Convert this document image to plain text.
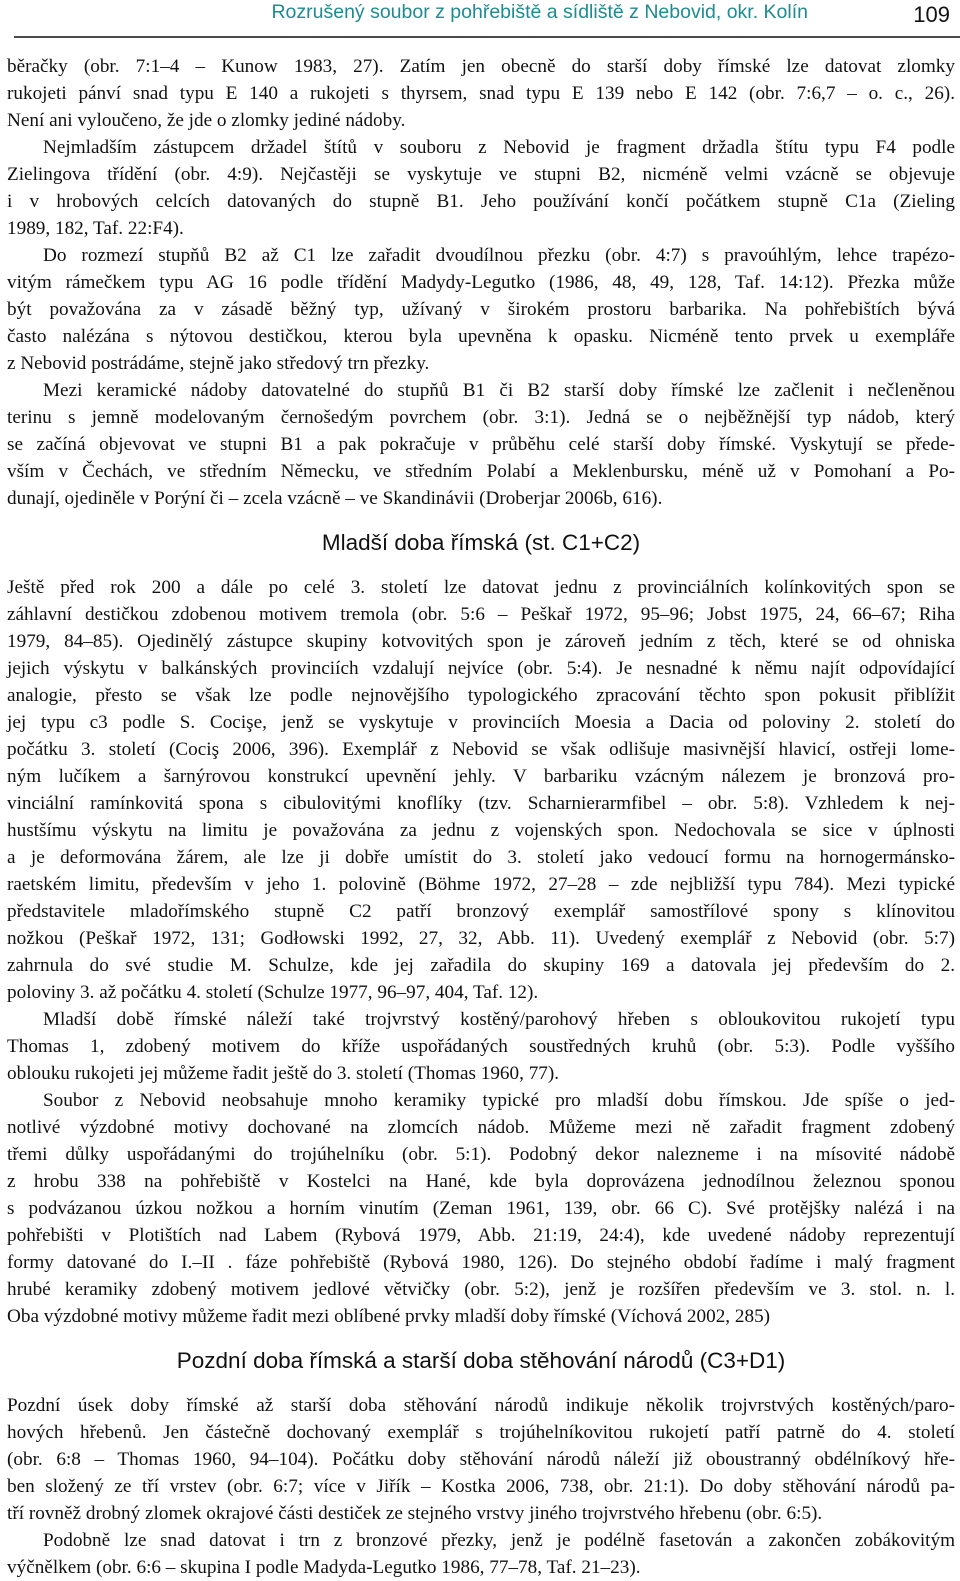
Rozrušený soubor z pohřebiště a sídliště z Nebovid, okr. Kolín	109
běračky (obr. 7:1–4 – Kunow 1983, 27). Zatím jen obecně do starší doby římské lze datovat zlomky
rukojeti pánví snad typu E 140 a rukojeti s thyrsem, snad typu E 139 nebo E 142 (obr. 7:6,7 – o. c., 26).
Není ani vyloučeno, že jde o zlomky jediné nádoby.
Nejmladším zástupcem držadel štítů v souboru z Nebovid je fragment držadla štítu typu F4 podle
Zielingova třídění (obr. 4:9). Nejčastěji se vyskytuje ve stupni B2, nicméně velmi vzácně se objevuje
i v hrobových celcích datovaných do stupně B1. Jeho používání končí počátkem stupně C1a (Zieling
1989, 182, Taf. 22:F4).
Do rozmezí stupňů B2 až C1 lze zařadit dvoudílnou přezku (obr. 4:7) s pravoúhlým, lehce trapézo-
vitým rámečkem typu AG 16 podle třídění Madydy-Legutko (1986, 48, 49, 128, Taf. 14:12). Přezka může
být považována za v zásadě běžný typ, užívaný v širokém prostoru barbarika. Na pohřebištích bývá
často nalézána s nýtovou destičkou, kterou byla upevněna k opasku. Nicméně tento prvek u exempláře
z Nebovid postrádáme, stejně jako středový trn přezky.
Mezi keramické nádoby datovatelné do stupňů B1 či B2 starší doby římské lze začlenit i nečleněnou
terinu s jemně modelovaným černošedým povrchem (obr. 3:1). Jedná se o nejběžnější typ nádob, který
se začíná objevovat ve stupni B1 a pak pokračuje v průběhu celé starší doby římské. Vyskytují se přede-
vším v Čechách, ve středním Německu, ve středním Polabí a Meklenbursku, méně už v Pomohaní a Po-
dunají, ojediněle v Porýní či – zcela vzácně – ve Skandinávii (Droberjar 2006b, 616).
Mladší doba římská (st. C1+C2)
Ještě před rok 200 a dále po celé 3. století lze datovat jednu z provinciálních kolínkovitých spon se
záhlavní destičkou zdobenou motivem tremola (obr. 5:6 – Peškař 1972, 95–96; Jobst 1975, 24, 66–67; Riha
1979, 84–85). Ojedinělý zástupce skupiny kotvovitých spon je zároveň jedním z těch, které se od ohniska
jejich výskytu v balkánských provinciích vzdalují nejvíce (obr. 5:4). Je nesnadné k němu najít odpovídající
analogie, přesto se však lze podle nejnovějšího typologického zpracování těchto spon pokusit přiblížit
jej typu c3 podle S. Cocişe, jenž se vyskytuje v provinciích Moesia a Dacia od poloviny 2. století do
počátku 3. století (Cociş 2006, 396). Exemplář z Nebovid se však odlišuje masivnější hlavicí, ostřeji lome-
ným lučíkem a šarnýrovou konstrukcí upevnění jehly. V barbariku vzácným nálezem je bronzová pro-
vinciální ramínkovitá spona s cibulovitými knoflíky (tzv. Scharnierarmfibel – obr. 5:8). Vzhledem k nej-
hustšímu výskytu na limitu je považována za jednu z vojenských spon. Nedochovala se sice v úplnosti
a je deformována žárem, ale lze ji dobře umístit do 3. století jako vedoucí formu na hornogermánsko-
raetském limitu, především v jeho 1. polovině (Böhme 1972, 27–28 – zde nejbližší typu 784). Mezi typické
představitele mladořímského stupně C2 patří bronzový exemplář samostřílové spony s klínovitou
nožkou (Peškař 1972, 131; Godłowski 1992, 27, 32, Abb. 11). Uvedený exemplář z Nebovid (obr. 5:7)
zahrnula do své studie M. Schulze, kde jej zařadila do skupiny 169 a datovala jej především do 2.
poloviny 3. až počátku 4. století (Schulze 1977, 96–97, 404, Taf. 12).
Mladší době římské náleží také trojvrstvý kostěný/parohový hřeben s obloukovitou rukojetí typu
Thomas 1, zdobený motivem do kříže uspořádaných soustředných kruhů (obr. 5:3). Podle vyššího
oblouku rukojeti jej můžeme řadit ještě do 3. století (Thomas 1960, 77).
Soubor z Nebovid neobsahuje mnoho keramiky typické pro mladší dobu římskou. Jde spíše o jed-
notlivé výzdobné motivy dochované na zlomcích nádob. Můžeme mezi ně zařadit fragment zdobený
třemi důlky uspořádanými do trojúhelníku (obr. 5:1). Podobný dekor nalezneme i na mísovité nádobě
z hrobu 338 na pohřebiště v Kostelci na Hané, kde byla doprovázena jednodílnou železnou sponou
s podvázanou úzkou nožkou a horním vinutím (Zeman 1961, 139, obr. 66 C). Své protějšky nalézá i na
pohřebišti v Plotištích nad Labem (Rybová 1979, Abb. 21:19, 24:4), kde uvedené nádoby reprezentují
formy datované do I.–II . fáze pohřebiště (Rybová 1980, 126). Do stejného období řadíme i malý fragment
hrubé keramiky zdobený motivem jedlové větvičky (obr. 5:2), jenž je rozšířen především ve 3. stol. n. l.
Oba výzdobné motivy můžeme řadit mezi oblíbené prvky mladší doby římské (Víchová 2002, 285)
Pozdní doba římská a starší doba stěhování národů (C3+D1)
Pozdní úsek doby římské až starší doba stěhování národů indikuje několik trojvrstvých kostěných/paro-
hových hřebenů. Jen částečně dochovaný exemplář s trojúhelníkovitou rukojetí patří patrně do 4. století
(obr. 6:8 – Thomas 1960, 94–104). Počátku doby stěhování národů náleží již oboustranný obdélníkový hře-
ben složený ze tří vrstev (obr. 6:7; více v Jiřík – Kostka 2006, 738, obr. 21:1). Do doby stěhování národů pa-
tří rovněž drobný zlomek okrajové části destiček ze stejného vrstvy jiného trojvrstvého hřebenu (obr. 6:5).
Podobně lze snad datovat i trn z bronzové přezky, jenž je podélně fasetován a zakončen zobákovitým
výčnělkem (obr. 6:6 – skupina I podle Madyda-Legutko 1986, 77–78, Taf. 21–23).
